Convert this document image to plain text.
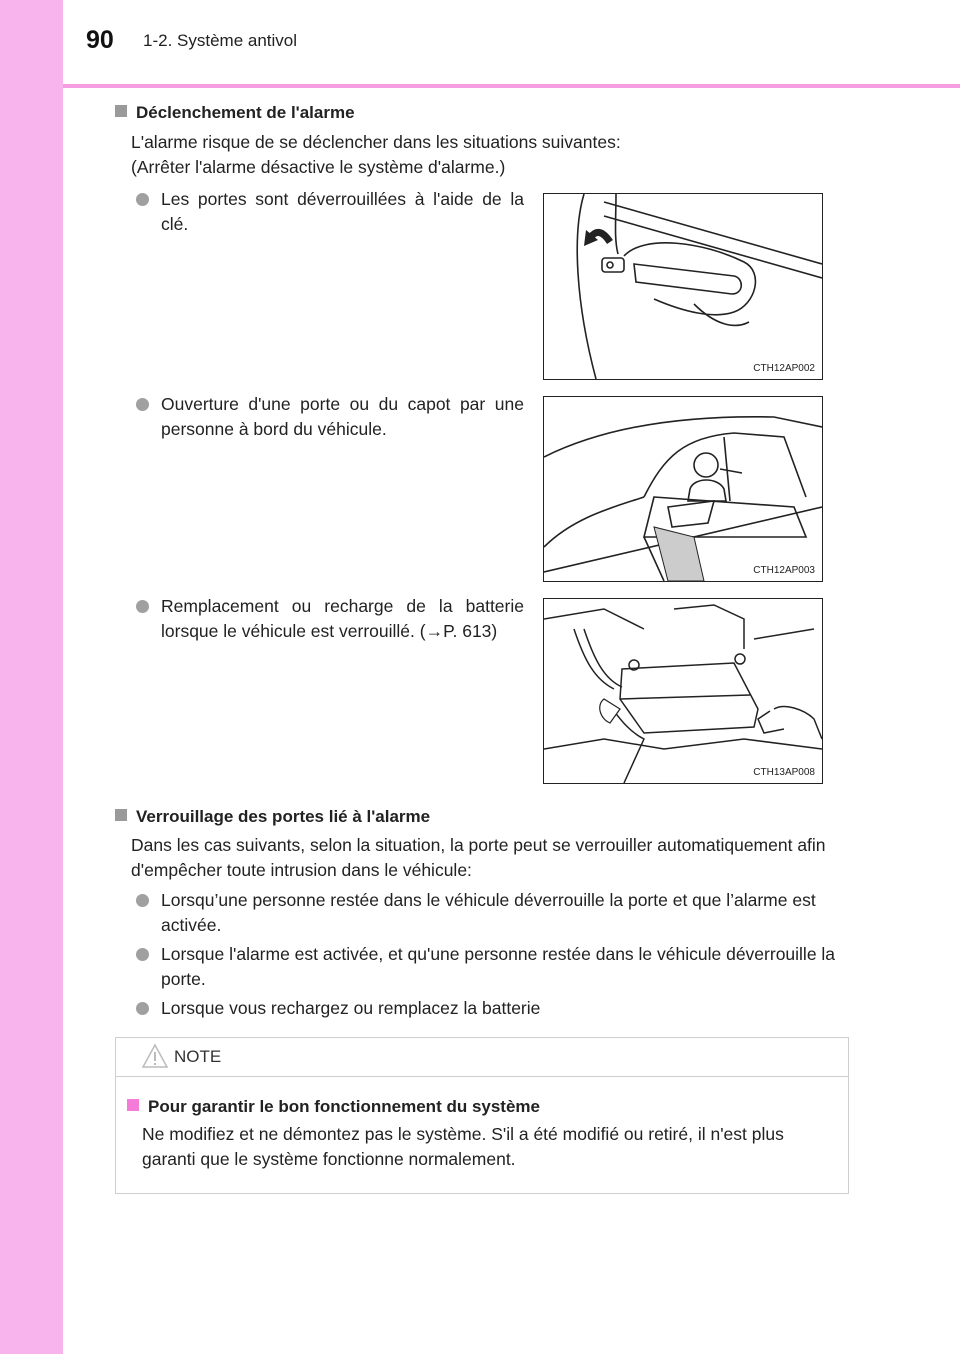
90 1-2. Système antivol
Déclenchement de l'alarme
L'alarme risque de se déclencher dans les situations suivantes:
(Arrêter l'alarme désactive le système d'alarme.)
Les portes sont déverrouillées à l'aide de la clé.
CTH12AP002
Ouverture d'une porte ou du capot par une personne à bord du véhicule.
CTH12AP003
Remplacement ou recharge de la batterie lorsque le véhicule est verrouillé. (→P. 613)
CTH13AP008
Verrouillage des portes lié à l'alarme
Dans les cas suivants, selon la situation, la porte peut se verrouiller automatiquement afin d'empêcher toute intrusion dans le véhicule:
Lorsqu’une personne restée dans le véhicule déverrouille la porte et que l’alarme est activée.
Lorsque l'alarme est activée, et qu'une personne restée dans le véhicule déverrouille la porte.
Lorsque vous rechargez ou remplacez la batterie
NOTE
Pour garantir le bon fonctionnement du système
Ne modifiez et ne démontez pas le système. S'il a été modifié ou retiré, il n'est plus garanti que le système fonctionne normalement.
